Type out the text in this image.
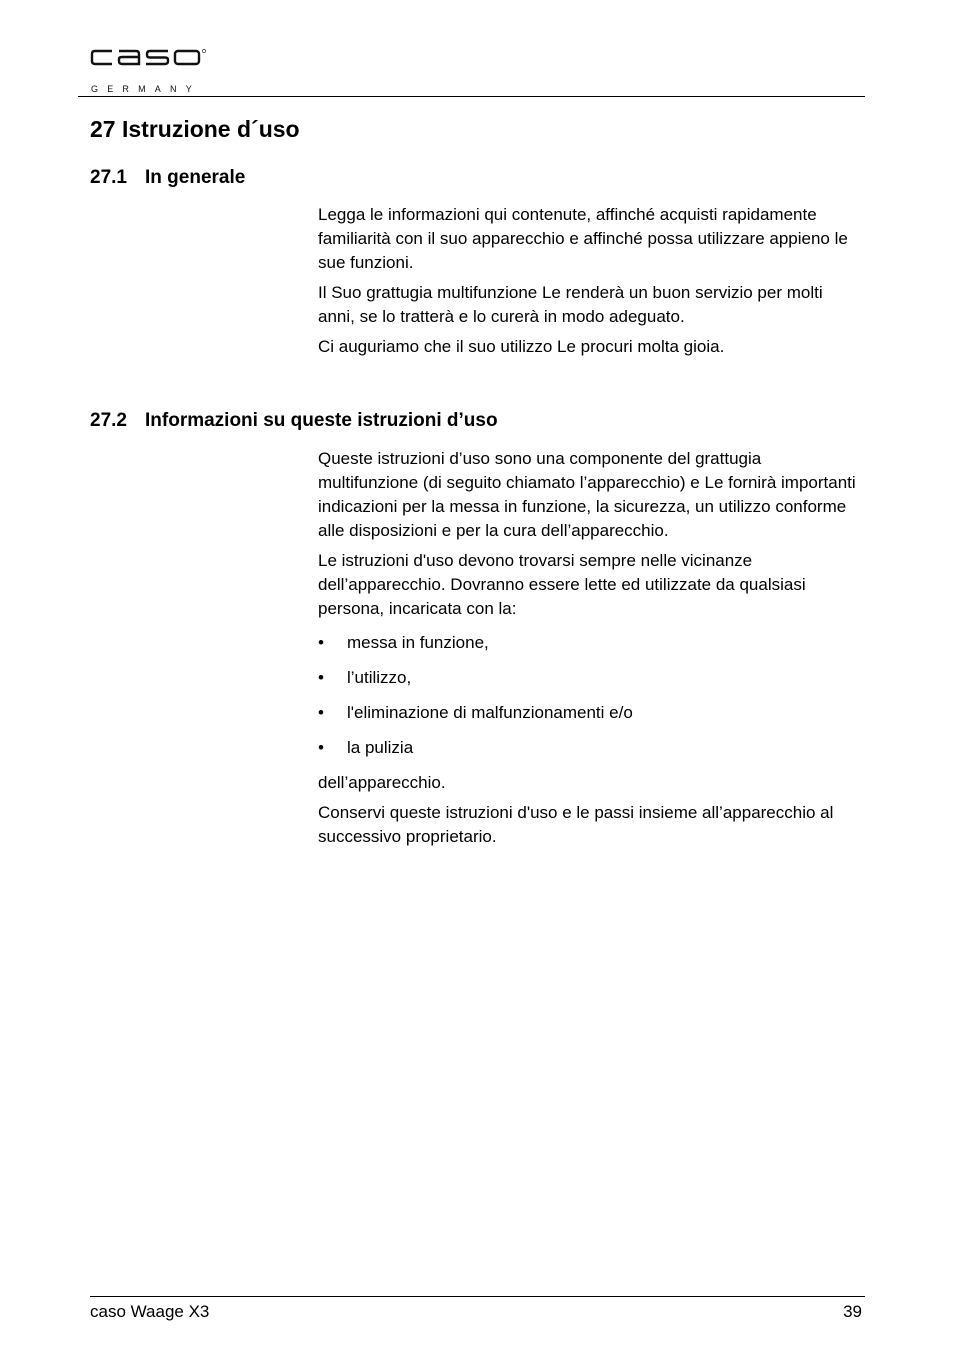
GERMANY
27 Istruzione d´uso
27.1 In generale

Legga le informazioni qui contenute, affinché acquisti rapidamente familiarità con il suo apparecchio e affinché possa utilizzare appieno le sue funzioni.

Il Suo grattugia multifunzione Le renderà un buon servizio per molti anni, se lo tratterà e lo curerà in modo adeguato.

Ci auguriamo che il suo utilizzo Le procuri molta gioia.

27.2 Informazioni su queste istruzioni d’uso

Queste istruzioni d’uso sono una componente del grattugia multifunzione (di seguito chiamato l’apparecchio) e Le fornirà importanti indicazioni per la messa in funzione, la sicurezza, un utilizzo conforme alle disposizioni e per la cura dell’apparecchio.

Le istruzioni d'uso devono trovarsi sempre nelle vicinanze dell’apparecchio. Dovranno essere lette ed utilizzate da qualsiasi persona, incaricata con la:

•	messa in funzione,
•	l’utilizzo,
•	l'eliminazione di malfunzionamenti e/o
•	la pulizia

dell’apparecchio.

Conservi queste istruzioni d'uso e le passi insieme all’apparecchio al successivo proprietario.

caso Waage X3	39
